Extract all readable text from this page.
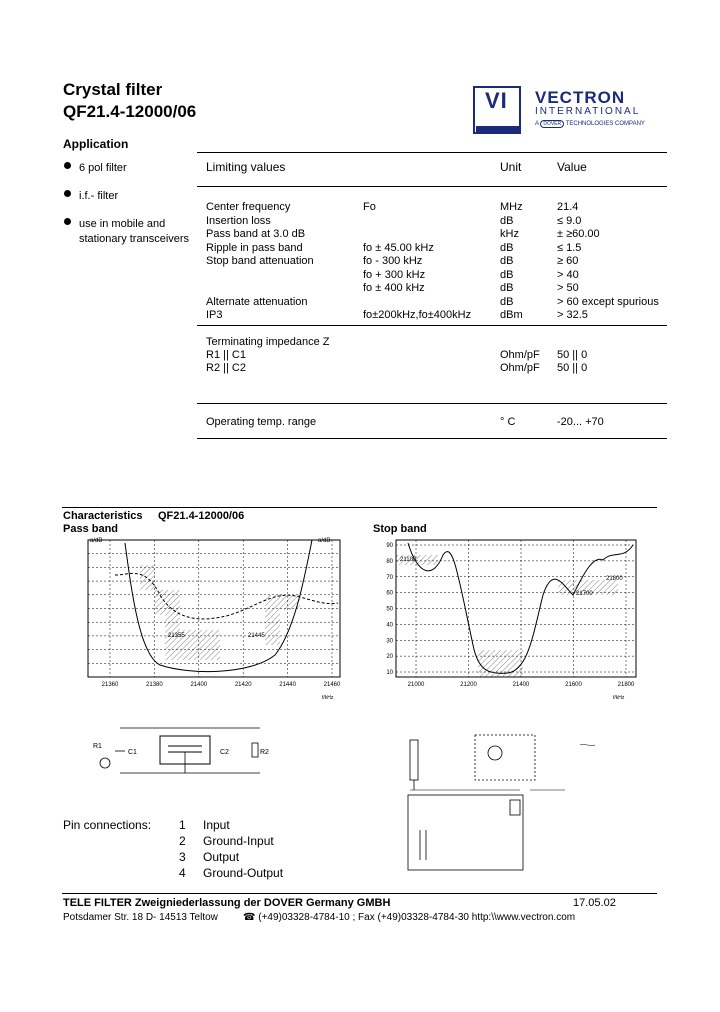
Crystal filter
QF21.4-12000/06	VI VECTRON
INTERNATIONAL
A DOVER TECHNOLOGIES COMPANY
Application
6 pol filter
i.f.- filter
use in mobile and
stationary transceivers
Limiting values	Unit	Value
Center frequency	Fo	MHz	21.4
Insertion loss	dB	≤ 9.0
Pass band at 3.0 dB	kHz	± ≥60.00
Ripple in pass band	fo ± 45.00 kHz	dB	≤ 1.5
Stop band attenuation	fo - 300 kHz	dB	≥ 60
fo + 300 kHz	dB	> 40
fo ± 400 kHz	dB	> 50
Alternate attenuation	dB	> 60 except spurious
IP3	fo±200kHz,fo±400kHz	dBm	> 32.5
Terminating impedance Z
R1 || C1	Ohm/pF 50 || 0
R2 || C2	Ohm/pF 50 || 0
Operating temp. range	° C	-20... +70
Characteristics QF21.4-12000/06
Pass band	Stop band
a/dB	a/dB
21355	21445
21360	21380	21400	21420	21440	21460
f/kHz
21100
21700
21800
90
80
70
60
50
40
30
20
10
21000	21200	21400	21600	21800
f/kHz
R1
C1	C2	R2
Pin connections: 1 Input
2 Ground-Input
3 Output
4 Ground-Output
TELE FILTER Zweigniederlassung der DOVER Germany GMBH	17.05.02
Potsdamer Str. 18 D- 14513 Teltow	☎ (+49)03328-4784-10 ; Fax (+49)03328-4784-30 http:\\www.vectron.com
